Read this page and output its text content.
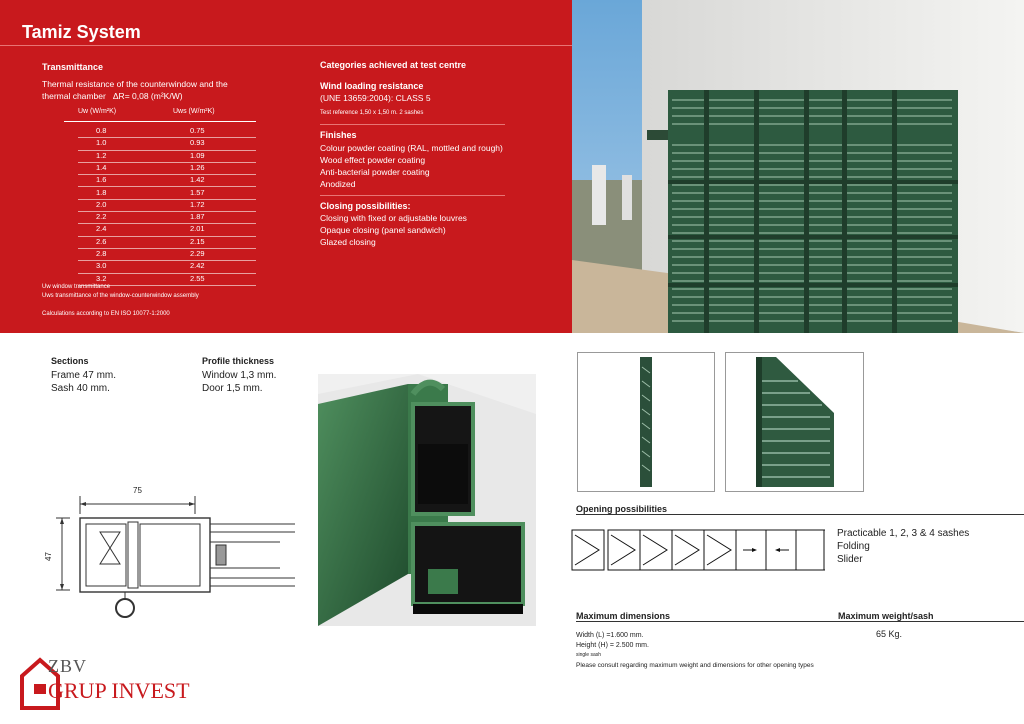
Tamiz System
Transmittance
Thermal resistance of the counterwindow and the
thermal chamber ΔR= 0,08 (m²K/W)
Uw (W/m²K)	Uws (W/m²K)
0.8	0.75
1.0	0.93
1.2	1.09
1.4	1.26
1.6	1.42
1.8	1.57
2.0	1.72
2.2	1.87
2.4	2.01
2.6	2.15
2.8	2.29
3.0	2.42
3.2	2.55
Uw window transmittance
Uws transmittance of the window-counterwindow assembly
Calculations according to EN ISO 10077-1:2000
Categories achieved at test centre
Wind loading resistance
(UNE 13659:2004): CLASS 5
Test reference 1,50 x 1,50 m. 2 sashes
Finishes
Colour powder coating (RAL, mottled and rough)
Wood effect powder coating
Anti-bacterial powder coating
Anodized
Closing possibilities:
Closing with fixed or adjustable louvres
Opaque closing (panel sandwich)
Glazed closing
Sections
Frame 47 mm.
Sash 40 mm.
Profile thickness
Window 1,3 mm.
Door 1,5 mm.
75
47
Opening possibilities
Practicable 1, 2, 3 & 4 sashes
Folding
Slider
Maximum dimensions	Maximum weight/sash
65 Kg.
Width (L) =1.600 mm.
Height (H) = 2.500 mm.
single sash
Please consult regarding maximum weight and dimensions for other opening types
ZBV
GRUP INVEST
